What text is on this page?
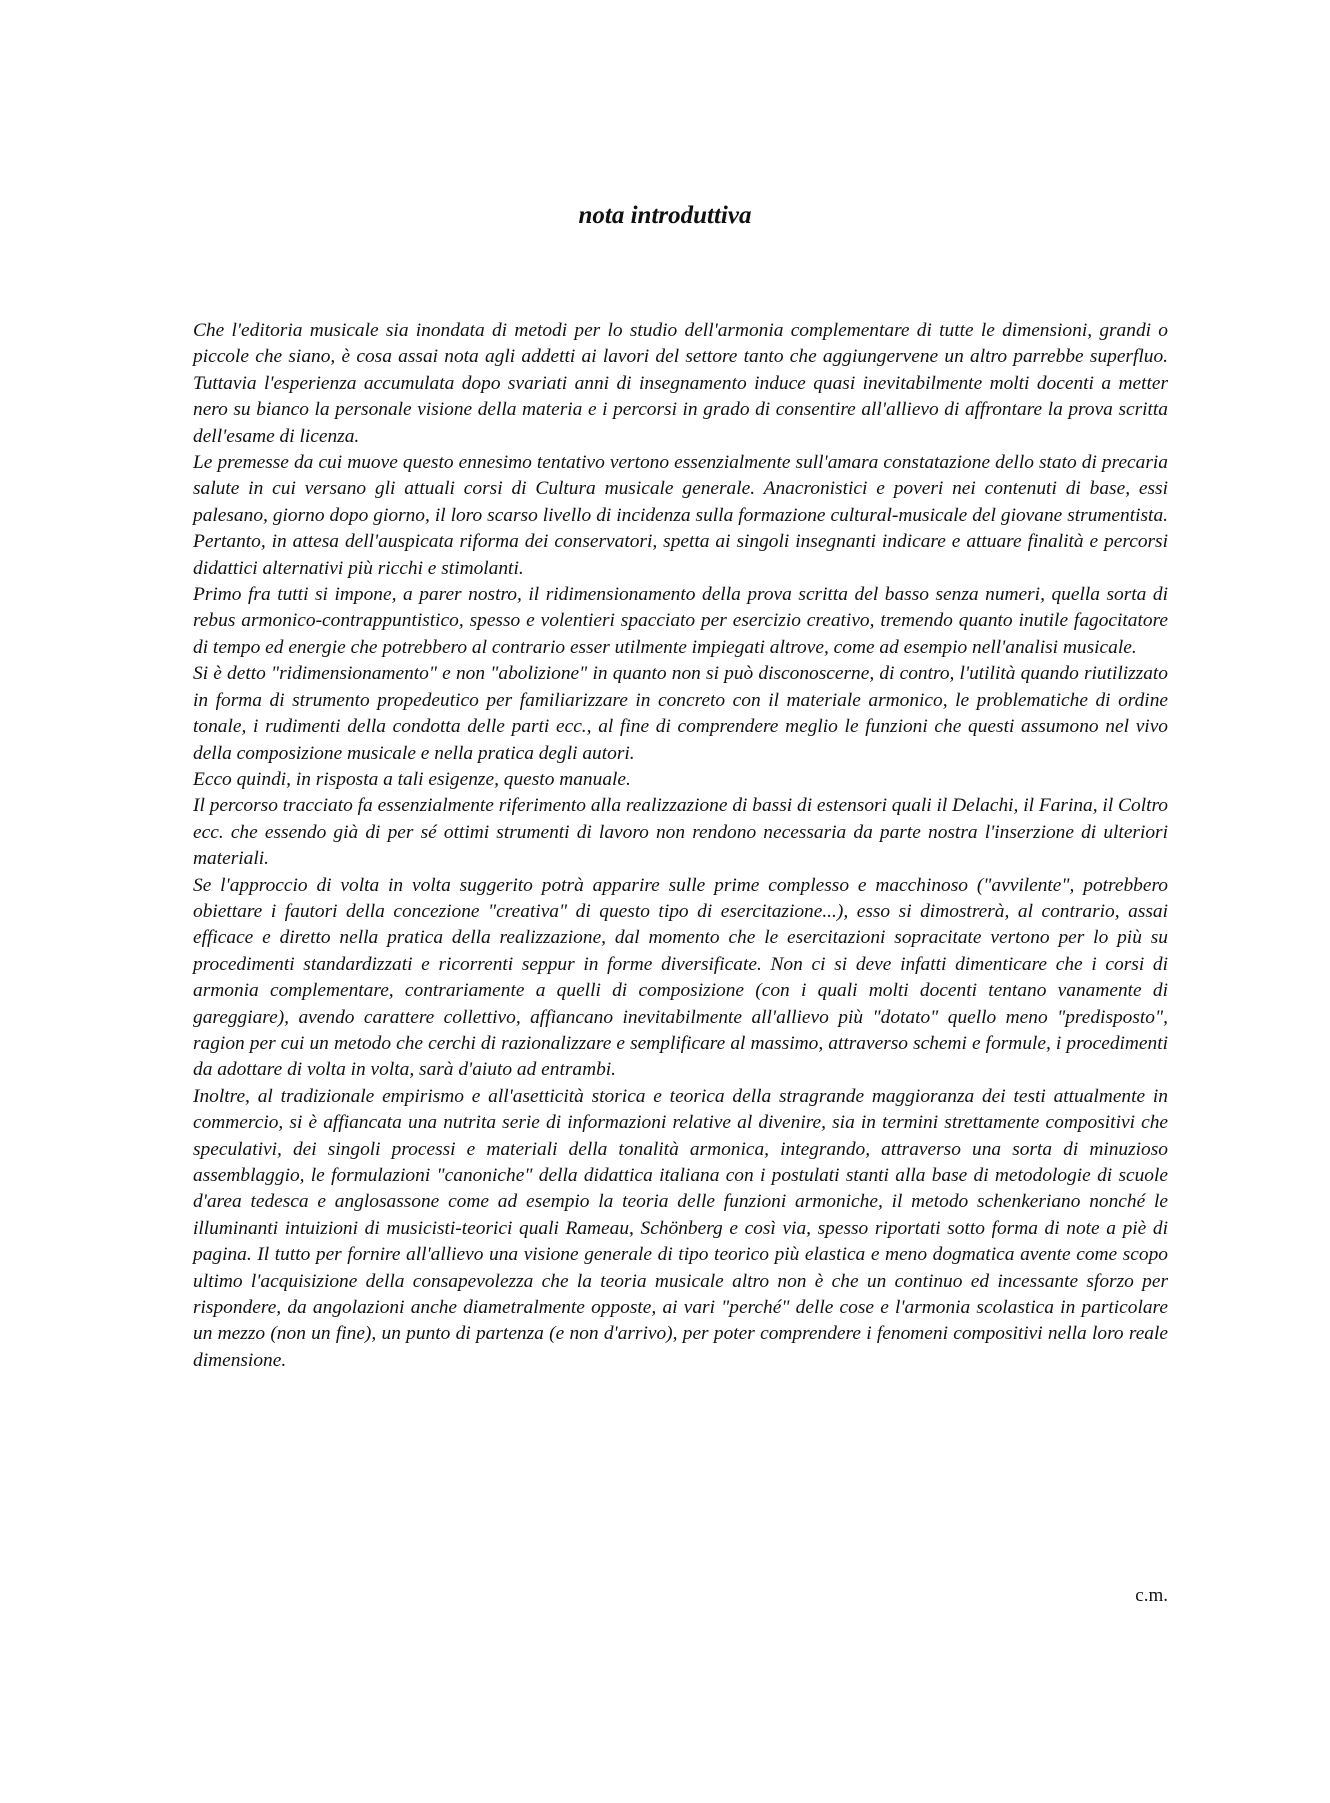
nota introduttiva

Che l'editoria musicale sia inondata di metodi per lo studio dell'armonia complementare di tutte le dimensioni, grandi o piccole che siano, è cosa assai nota agli addetti ai lavori del settore tanto che aggiungervene un altro parrebbe superfluo. Tuttavia l'esperienza accumulata dopo svariati anni di insegnamento induce quasi inevitabilmente molti docenti a metter nero su bianco la personale visione della materia e i percorsi in grado di consentire all'allievo di affrontare la prova scritta dell'esame di licenza.

Le premesse da cui muove questo ennesimo tentativo vertono essenzialmente sull'amara constatazione dello stato di precaria salute in cui versano gli attuali corsi di Cultura musicale generale. Anacronistici e poveri nei contenuti di base, essi palesano, giorno dopo giorno, il loro scarso livello di incidenza sulla formazione cultural-musicale del giovane strumentista. Pertanto, in attesa dell'auspicata riforma dei conservatori, spetta ai singoli insegnanti indicare e attuare finalità e percorsi didattici alternativi più ricchi e stimolanti.

Primo fra tutti si impone, a parer nostro, il ridimensionamento della prova scritta del basso senza numeri, quella sorta di rebus armonico-contrappuntistico, spesso e volentieri spacciato per esercizio creativo, tremendo quanto inutile fagocitatore di tempo ed energie che potrebbero al contrario esser utilmente impiegati altrove, come ad esempio nell'analisi musicale.

Si è detto "ridimensionamento" e non "abolizione" in quanto non si può disconoscerne, di contro, l'utilità quando riutilizzato in forma di strumento propedeutico per familiarizzare in concreto con il materiale armonico, le problematiche di ordine tonale, i rudimenti della condotta delle parti ecc., al fine di comprendere meglio le funzioni che questi assumono nel vivo della composizione musicale e nella pratica degli autori.

Ecco quindi, in risposta a tali esigenze, questo manuale.

Il percorso tracciato fa essenzialmente riferimento alla realizzazione di bassi di estensori quali il Delachi, il Farina, il Coltro ecc. che essendo già di per sé ottimi strumenti di lavoro non rendono necessaria da parte nostra l'inserzione di ulteriori materiali.

Se l'approccio di volta in volta suggerito potrà apparire sulle prime complesso e macchinoso ("avvilente", potrebbero obiettare i fautori della concezione "creativa" di questo tipo di esercitazione...), esso si dimostrerà, al contrario, assai efficace e diretto nella pratica della realizzazione, dal momento che le esercitazioni sopracitate vertono per lo più su procedimenti standardizzati e ricorrenti seppur in forme diversificate. Non ci si deve infatti dimenticare che i corsi di armonia complementare, contrariamente a quelli di composizione (con i quali molti docenti tentano vanamente di gareggiare), avendo carattere collettivo, affiancano inevitabilmente all'allievo più "dotato" quello meno "predisposto", ragion per cui un metodo che cerchi di razionalizzare e semplificare al massimo, attraverso schemi e formule, i procedimenti da adottare di volta in volta, sarà d'aiuto ad entrambi.

Inoltre, al tradizionale empirismo e all'asetticità storica e teorica della stragrande maggioranza dei testi attualmente in commercio, si è affiancata una nutrita serie di informazioni relative al divenire, sia in termini strettamente compositivi che speculativi, dei singoli processi e materiali della tonalità armonica, integrando, attraverso una sorta di minuzioso assemblaggio, le formulazioni "canoniche" della didattica italiana con i postulati stanti alla base di metodologie di scuole d'area tedesca e anglosassone come ad esempio la teoria delle funzioni armoniche, il metodo schenkeriano nonché le illuminanti intuizioni di musicisti-teorici quali Rameau, Schönberg e così via, spesso riportati sotto forma di note a piè di pagina. Il tutto per fornire all'allievo una visione generale di tipo teorico più elastica e meno dogmatica avente come scopo ultimo l'acquisizione della consapevolezza che la teoria musicale altro non è che un continuo ed incessante sforzo per rispondere, da angolazioni anche diametralmente opposte, ai vari "perché" delle cose e l'armonia scolastica in particolare un mezzo (non un fine), un punto di partenza (e non d'arrivo), per poter comprendere i fenomeni compositivi nella loro reale dimensione.

c.m.
